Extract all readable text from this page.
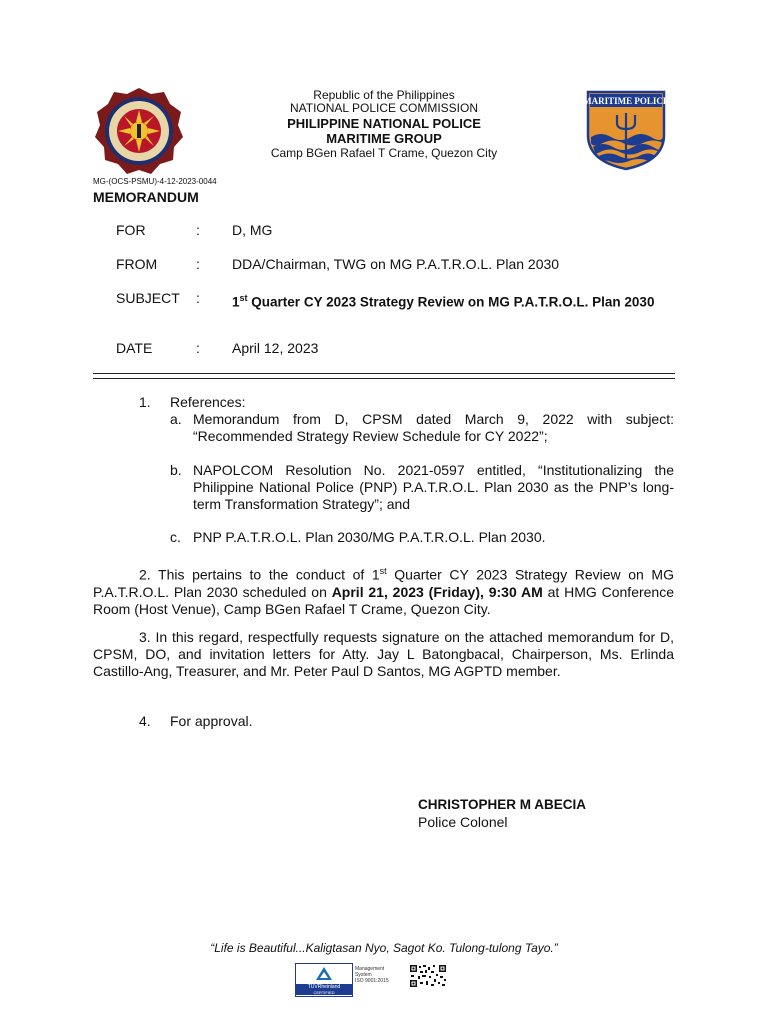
MARITIME POLICE
Republic of the Philippines
NATIONAL POLICE COMMISSION
PHILIPPINE NATIONAL POLICE
MARITIME GROUP
Camp BGen Rafael T Crame, Quezon City
MG-(OCS-PSMU)-4-12-2023-0044
MEMORANDUM
FOR	: D, MG
FROM	: DDA/Chairman, TWG on MG P.A.T.R.O.L. Plan 2030
SUBJECT : 1st Quarter CY 2023 Strategy Review on MG P.A.T.R.O.L. Plan 2030
DATE	: April 12, 2023
1. References:
a. Memorandum from D, CPSM dated March 9, 2022 with subject: “Recommended Strategy Review Schedule for CY 2022”;
b. NAPOLCOM Resolution No. 2021-0597 entitled, “Institutionalizing the Philippine National Police (PNP) P.A.T.R.O.L. Plan 2030 as the PNP’s long-term Transformation Strategy”; and
c. PNP P.A.T.R.O.L. Plan 2030/MG P.A.T.R.O.L. Plan 2030.
2. This pertains to the conduct of 1st Quarter CY 2023 Strategy Review on MG P.A.T.R.O.L. Plan 2030 scheduled on April 21, 2023 (Friday), 9:30 AM at HMG Conference Room (Host Venue), Camp BGen Rafael T Crame, Quezon City.
3. In this regard, respectfully requests signature on the attached memorandum for D, CPSM, DO, and invitation letters for Atty. Jay L Batongbacal, Chairperson, Ms. Erlinda Castillo-Ang, Treasurer, and Mr. Peter Paul D Santos, MG AGPTD member.
4. For approval.
CHRISTOPHER M ABECIA
Police Colonel
“Life is Beautiful...Kaligtasan Nyo, Sagot Ko. Tulong-tulong Tayo.”
TÜVRheinland
CERTIFIED
Management
System
ISO 9001:2015
